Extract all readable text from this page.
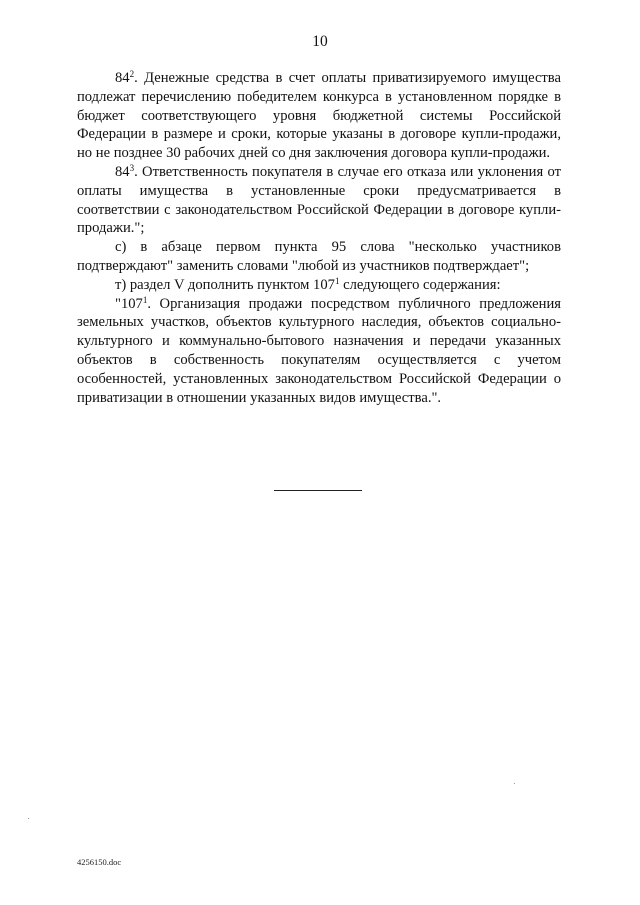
10

$84^2$. Денежные средства в счет оплаты приватизируемого имущества подлежат перечислению победителем конкурса в установленном порядке в бюджет соответствующего уровня бюджетной системы Российской Федерации в размере и сроки, которые указаны в договоре купли-продажи, но не позднее 30 рабочих дней со дня заключения договора купли-продажи.

$84^3$. Ответственность покупателя в случае его отказа или уклонения от оплаты имущества в установленные сроки предусматривается в соответствии с законодательством Российской Федерации в договоре купли-продажи.";

с) в абзаце первом пункта 95 слова "несколько участников подтверждают" заменить словами "любой из участников подтверждает";

т) раздел V дополнить пунктом $107^1$ следующего содержания:

"$107^1$. Организация продажи посредством публичного предложения земельных участков, объектов культурного наследия, объектов социально-культурного и коммунально-бытового назначения и передачи указанных объектов в собственность покупателям осуществляется с учетом особенностей, установленных законодательством Российской Федерации о приватизации в отношении указанных видов имущества.".

4256150.doc
